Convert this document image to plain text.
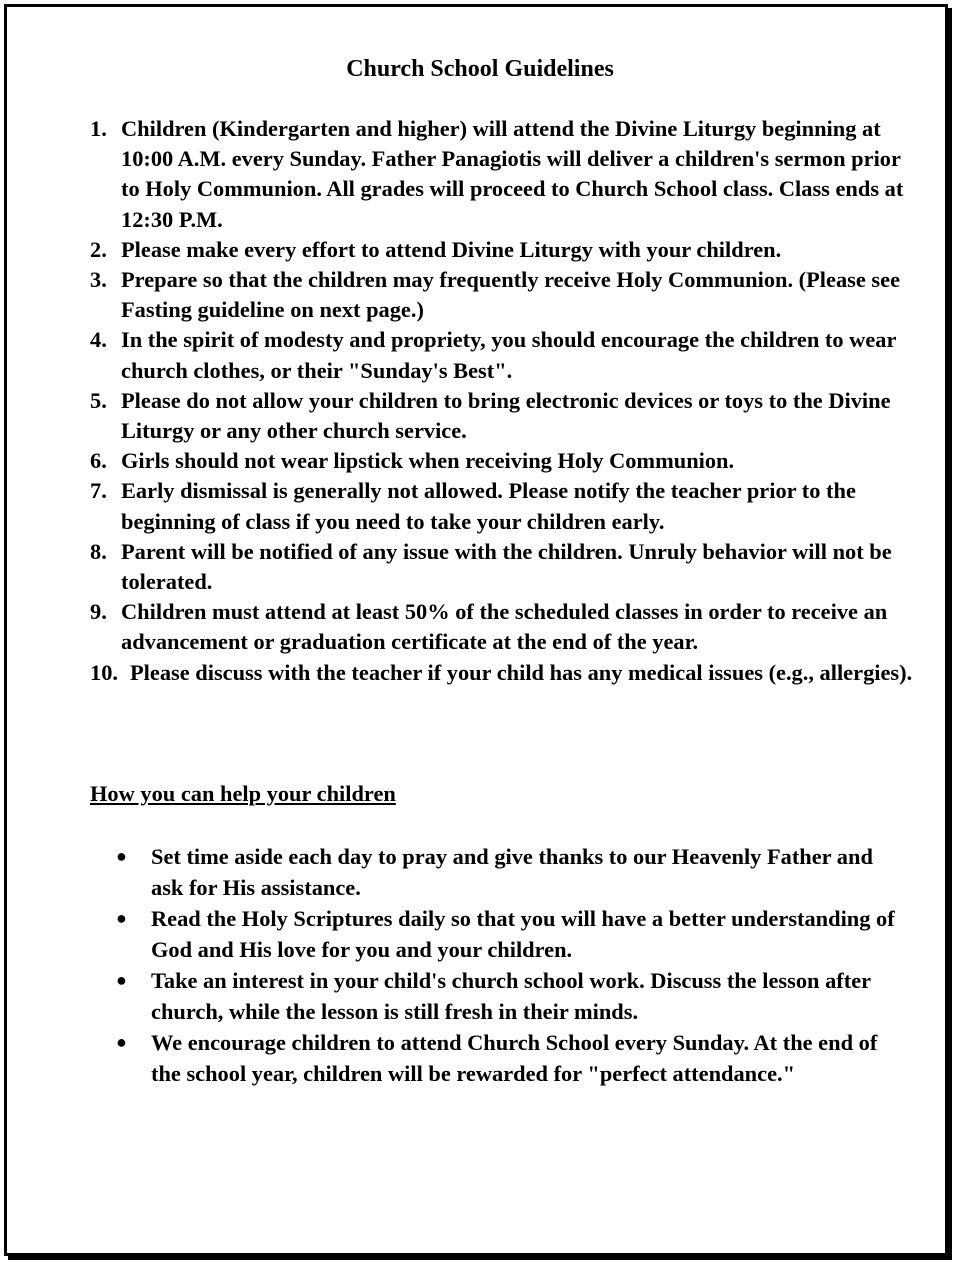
Church School Guidelines
1. Children (Kindergarten and higher) will attend the Divine Liturgy beginning at 10:00 A.M. every Sunday. Father Panagiotis will deliver a children's sermon prior to Holy Communion. All grades will proceed to Church School class. Class ends at 12:30 P.M.
2. Please make every effort to attend Divine Liturgy with your children.
3. Prepare so that the children may frequently receive Holy Communion. (Please see Fasting guideline on next page.)
4. In the spirit of modesty and propriety, you should encourage the children to wear church clothes, or their "Sunday's Best".
5. Please do not allow your children to bring electronic devices or toys to the Divine Liturgy or any other church service.
6. Girls should not wear lipstick when receiving Holy Communion.
7. Early dismissal is generally not allowed. Please notify the teacher prior to the beginning of class if you need to take your children early.
8. Parent will be notified of any issue with the children. Unruly behavior will not be tolerated.
9. Children must attend at least 50% of the scheduled classes in order to receive an advancement or graduation certificate at the end of the year.
10. Please discuss with the teacher if your child has any medical issues (e.g., allergies).
How you can help your children
● Set time aside each day to pray and give thanks to our Heavenly Father and ask for His assistance.
● Read the Holy Scriptures daily so that you will have a better understanding of God and His love for you and your children.
● Take an interest in your child's church school work. Discuss the lesson after church, while the lesson is still fresh in their minds.
● We encourage children to attend Church School every Sunday. At the end of the school year, children will be rewarded for "perfect attendance."
